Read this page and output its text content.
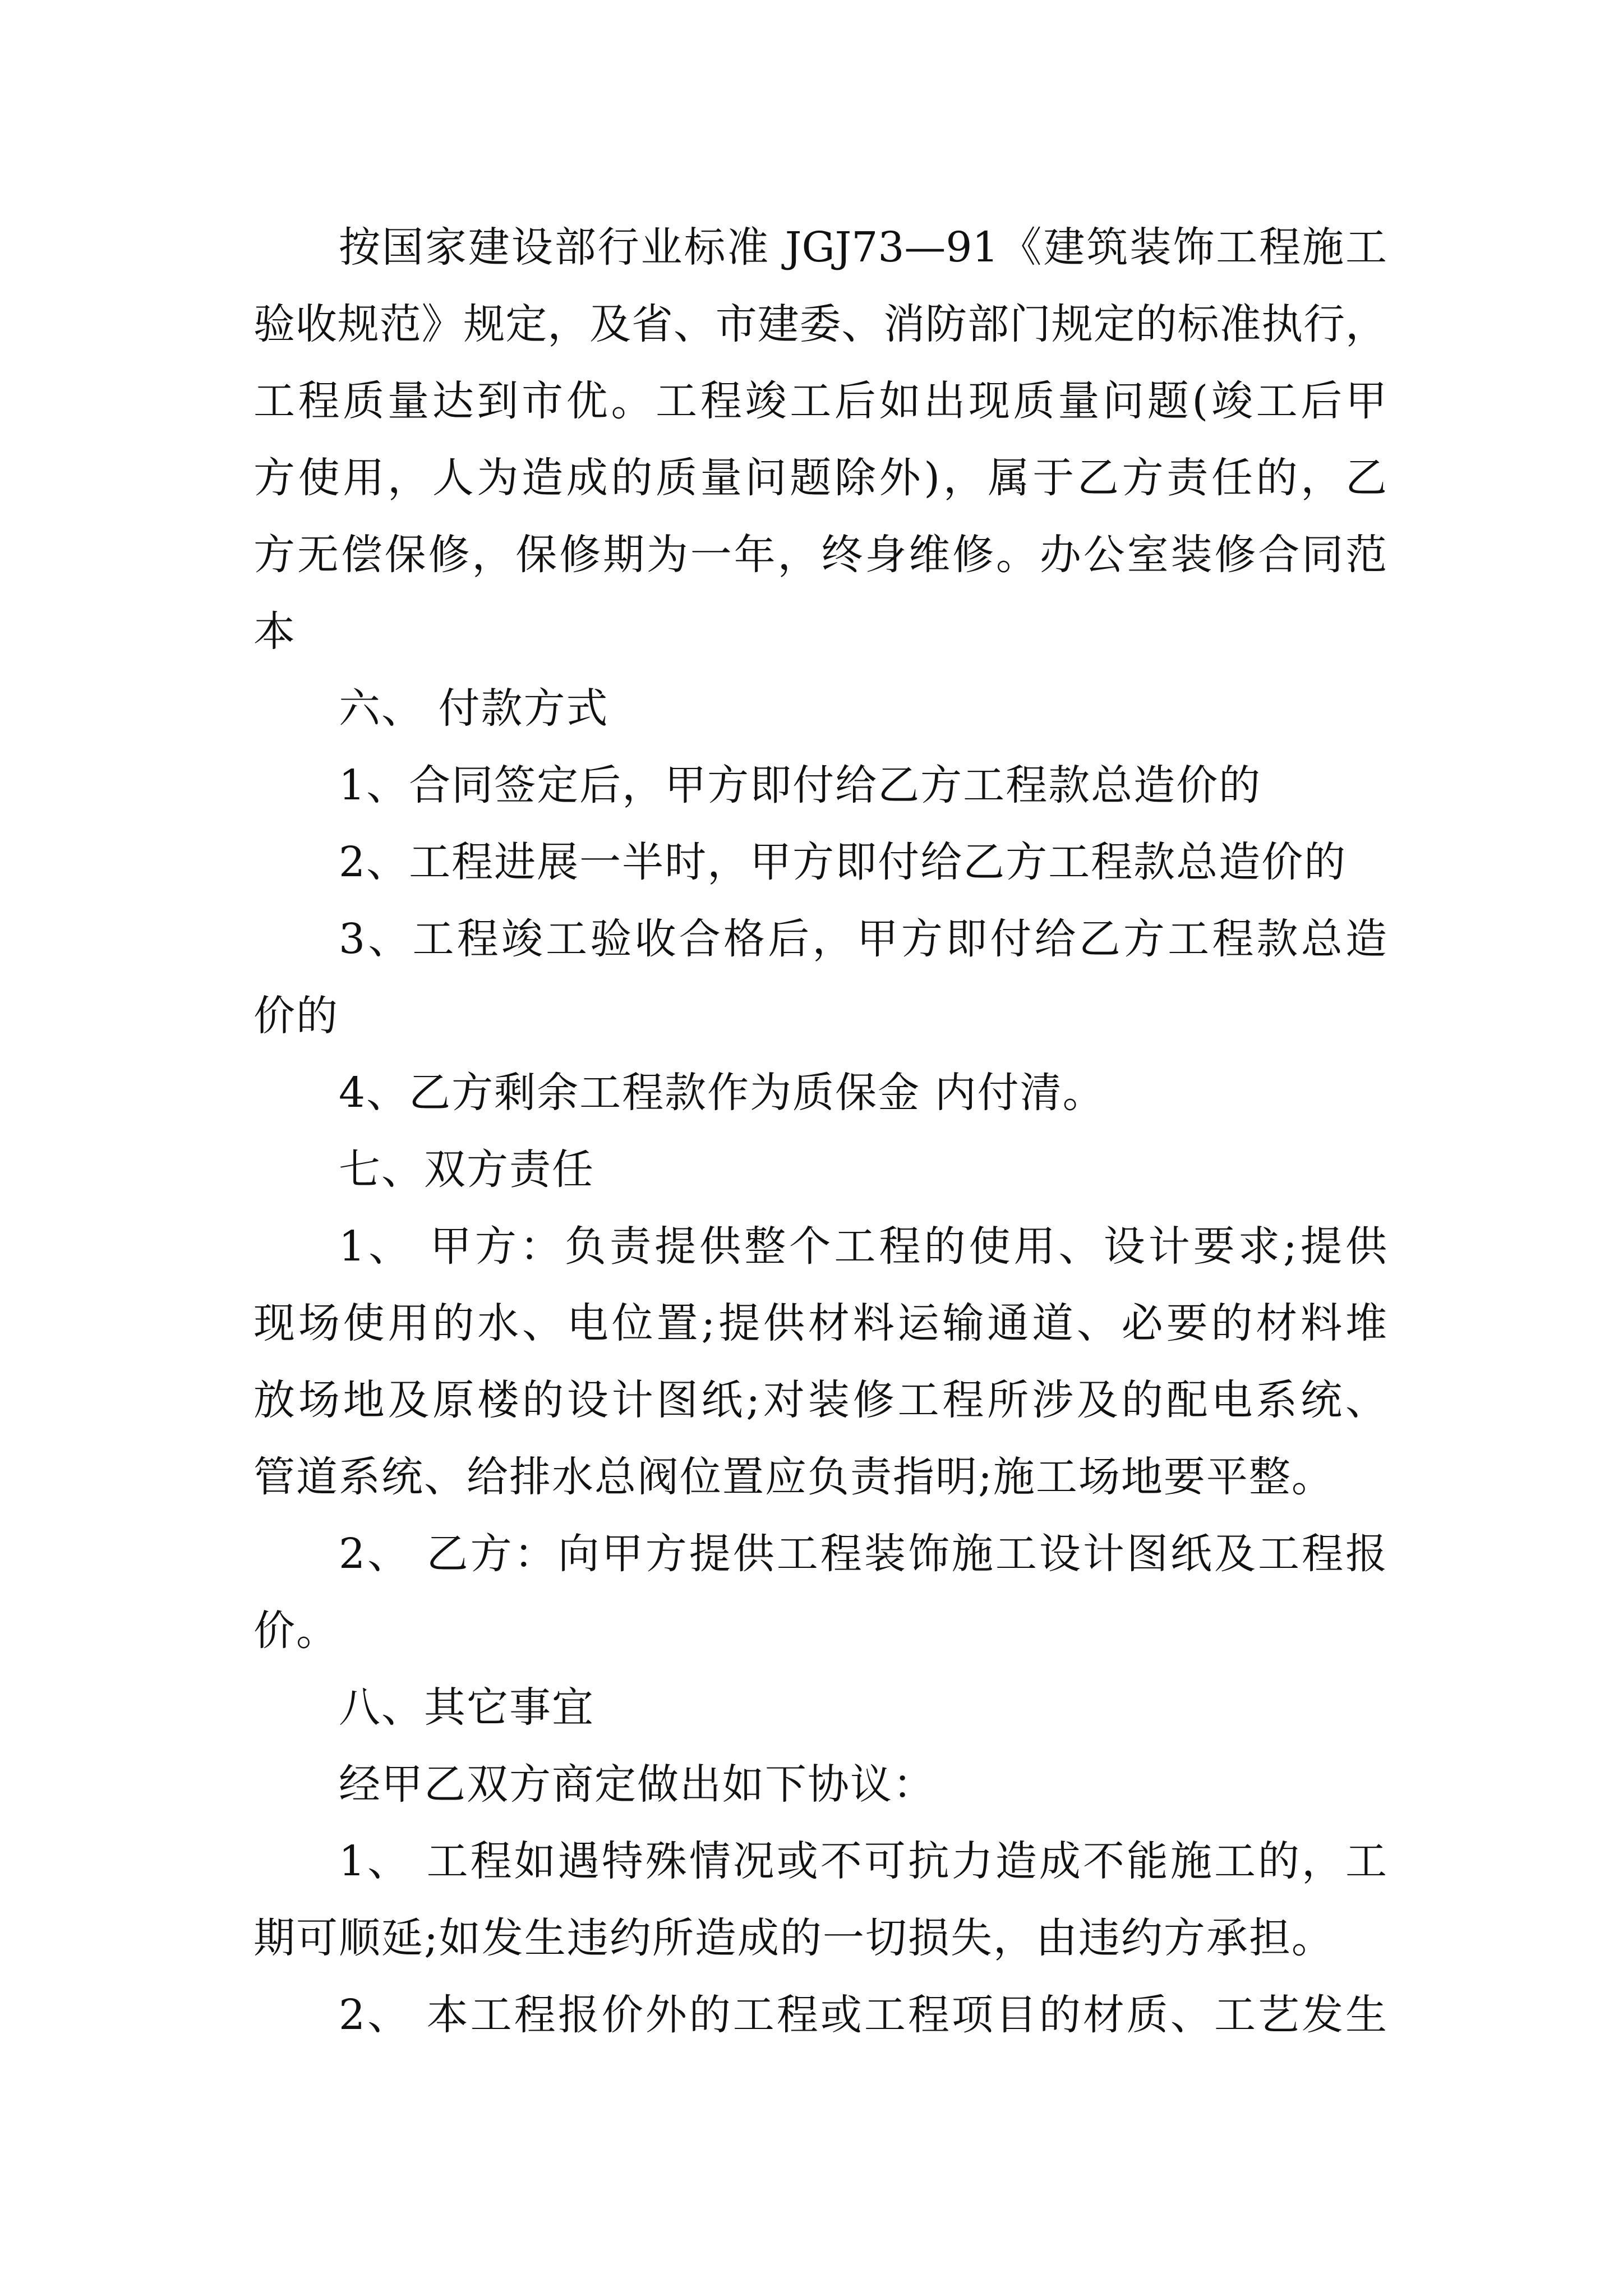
按国家建设部行业标准 JGJ73—91《建筑装饰工程施工
验收规范》规定，及省、市建委、消防部门规定的标准执行，
工程质量达到市优。工程竣工后如出现质量问题(竣工后甲
方使用，人为造成的质量问题除外)，属于乙方责任的，乙
方无偿保修，保修期为一年，终身维修。办公室装修合同范
本
六、 付款方式
1、合同签定后，甲方即付给乙方工程款总造价的
2、工程进展一半时，甲方即付给乙方工程款总造价的
3、工程竣工验收合格后，甲方即付给乙方工程款总造
价的
4、乙方剩余工程款作为质保金 内付清。
七、双方责任
1、 甲方：负责提供整个工程的使用、设计要求;提供
现场使用的水、电位置;提供材料运输通道、必要的材料堆
放场地及原楼的设计图纸;对装修工程所涉及的配电系统、
管道系统、给排水总阀位置应负责指明;施工场地要平整。
2、 乙方：向甲方提供工程装饰施工设计图纸及工程报
价。
八、其它事宜
经甲乙双方商定做出如下协议：
1、 工程如遇特殊情况或不可抗力造成不能施工的，工
期可顺延;如发生违约所造成的一切损失，由违约方承担。
2、 本工程报价外的工程或工程项目的材质、工艺发生
